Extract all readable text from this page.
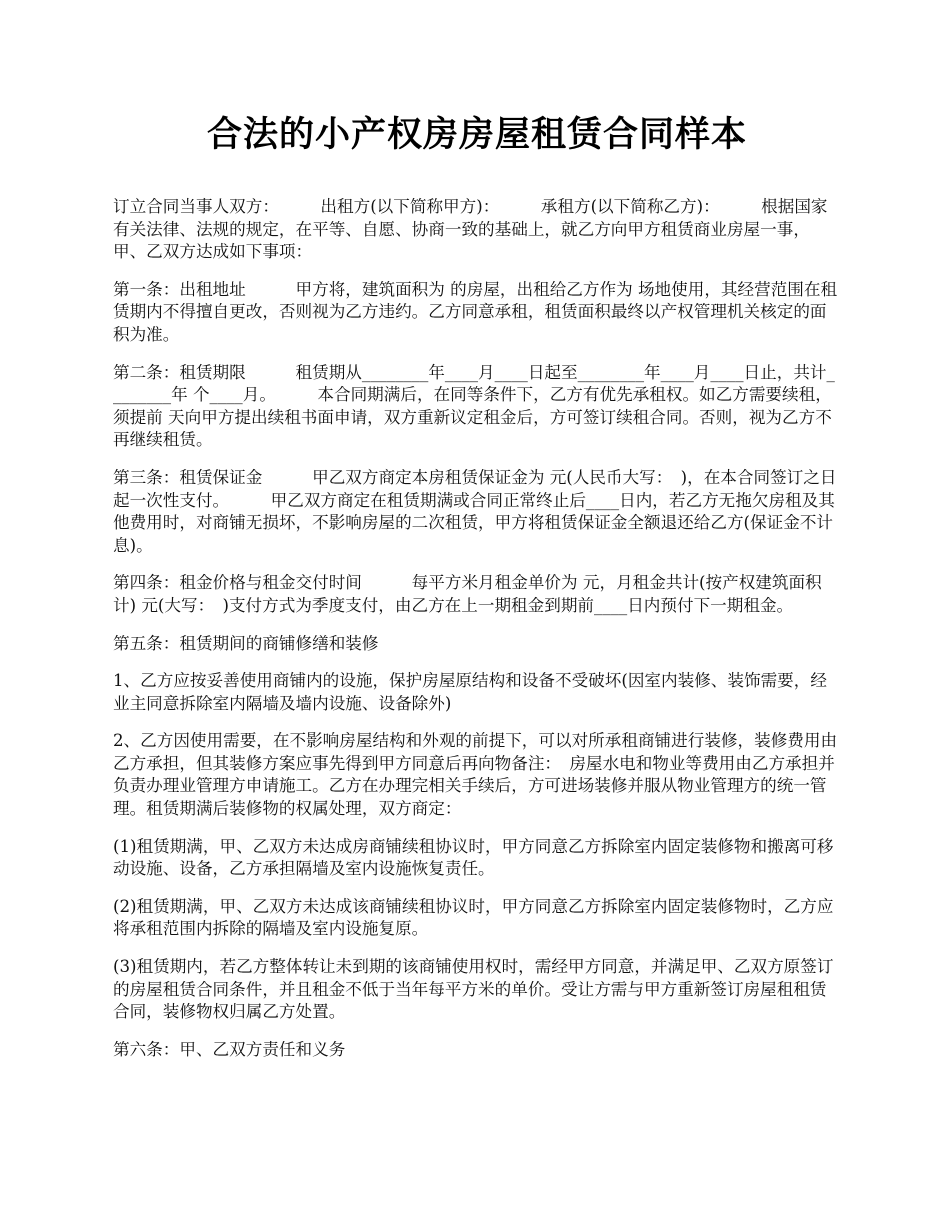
合法的小产权房房屋租赁合同样本

订立合同当事人双方：　　　出租方(以下简称甲方)：　　　承租方(以下简称乙方)：　　　根据国家有关法律、法规的规定，在平等、自愿、协商一致的基础上，就乙方向甲方租赁商业房屋一事，甲、乙双方达成如下事项：

第一条：出租地址　　　甲方将，建筑面积为 的房屋，出租给乙方作为 场地使用，其经营范围在租赁期内不得擅自更改，否则视为乙方违约。乙方同意承租，租赁面积最终以产权管理机关核定的面积为准。

第二条：租赁期限　　　租赁期从________年____月____日起至________年____月____日止，共计________年 个____月。　　　本合同期满后，在同等条件下，乙方有优先承租权。如乙方需要续租，须提前 天向甲方提出续租书面申请，双方重新议定租金后，方可签订续租合同。否则，视为乙方不再继续租赁。

第三条：租赁保证金　　　甲乙双方商定本房租赁保证金为 元(人民币大写：　)，在本合同签订之日起一次性支付。　　　甲乙双方商定在租赁期满或合同正常终止后____日内，若乙方无拖欠房租及其他费用时，对商铺无损坏，不影响房屋的二次租赁，甲方将租赁保证金全额退还给乙方(保证金不计息)。

第四条：租金价格与租金交付时间　　　每平方米月租金单价为 元，月租金共计(按产权建筑面积计) 元(大写：　)支付方式为季度支付，由乙方在上一期租金到期前____日内预付下一期租金。

第五条：租赁期间的商铺修缮和装修

1、乙方应按妥善使用商铺内的设施，保护房屋原结构和设备不受破坏(因室内装修、装饰需要，经业主同意拆除室内隔墙及墙内设施、设备除外)

2、乙方因使用需要，在不影响房屋结构和外观的前提下，可以对所承租商铺进行装修，装修费用由乙方承担，但其装修方案应事先得到甲方同意后再向物备注：　房屋水电和物业等费用由乙方承担并负责办理业管理方申请施工。乙方在办理完相关手续后，方可进场装修并服从物业管理方的统一管理。租赁期满后装修物的权属处理，双方商定：

(1)租赁期满，甲、乙双方未达成房商铺续租协议时，甲方同意乙方拆除室内固定装修物和搬离可移动设施、设备，乙方承担隔墙及室内设施恢复责任。

(2)租赁期满，甲、乙双方未达成该商铺续租协议时，甲方同意乙方拆除室内固定装修物时，乙方应将承租范围内拆除的隔墙及室内设施复原。

(3)租赁期内，若乙方整体转让未到期的该商铺使用权时，需经甲方同意，并满足甲、乙双方原签订的房屋租赁合同条件，并且租金不低于当年每平方米的单价。受让方需与甲方重新签订房屋租租赁合同，装修物权归属乙方处置。

第六条：甲、乙双方责任和义务
